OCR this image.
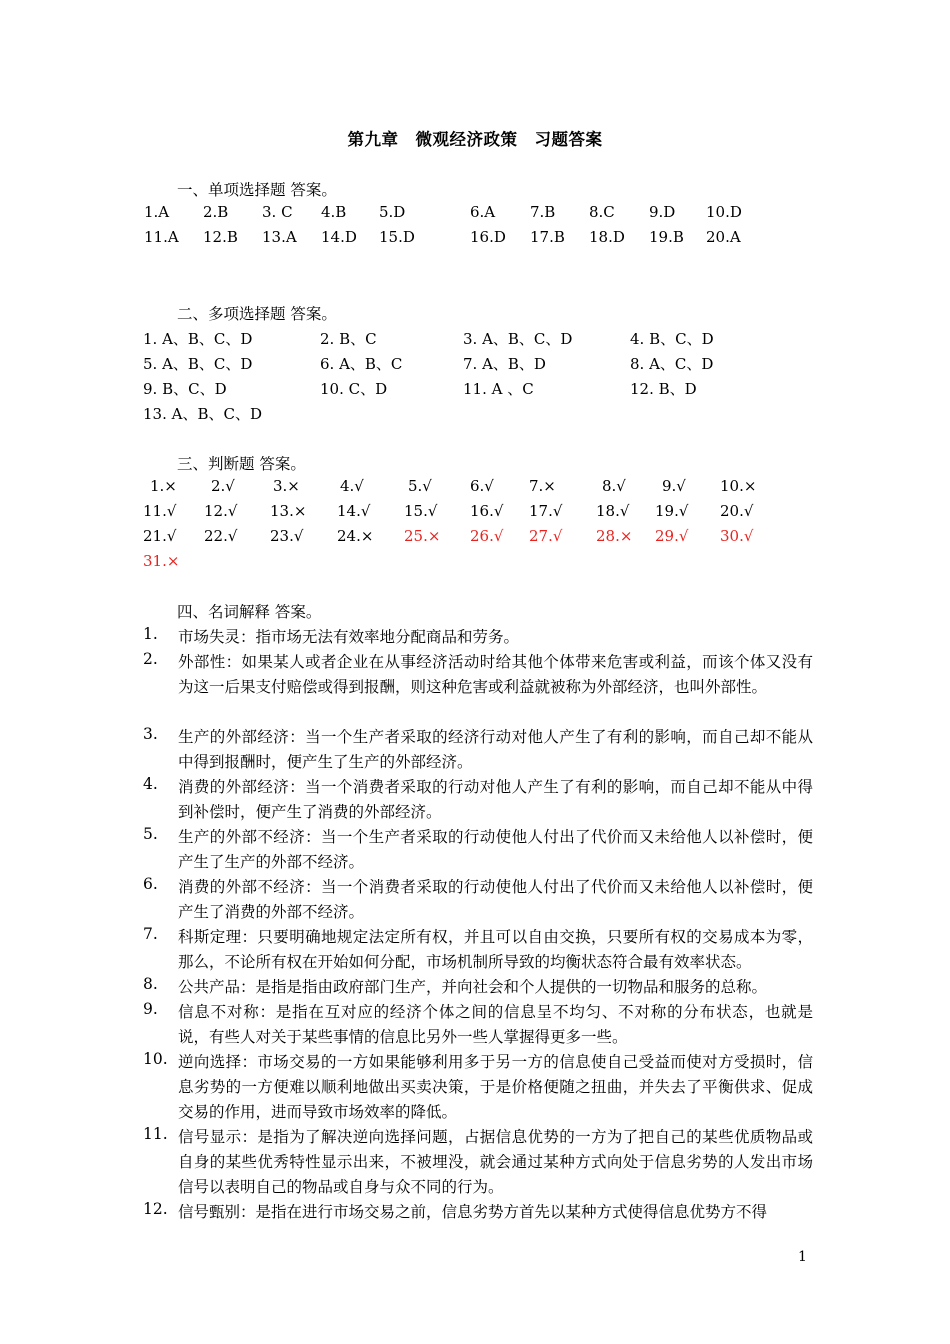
第九章　微观经济政策　习题答案
一、单项选择题 答案。
1.A 2.B 3. C 4.B 5.D	6.A 7.B 8.C 9.D 10.D
11.A 12.B 13.A 14.D 15.D	16.D 17.B 18.D 19.B 20.A
二、多项选择题 答案。
1. A、B、C、D	2. B、C	3. A、B、C、D	4. B、C、D
5. A、B、C、D	6. A、B、C	7. A、B、D	8. A、C、D
9. B、C、D	10. C、D	11. A 、C	12. B、D
13. A、B、C、D
三、判断题 答案。
1.× 2.√	3.×	4.√	5.√	6.√ 7.×	8.√ 9.√ 10.×
11.√ 12.√ 13.× 14.√ 15.√ 16.√ 17.√ 18.√ 19.√ 20.√
21.√ 22.√ 23.√ 24.× 25.× 26.√ 27.√ 28.× 29.√ 30.√
31.×
四、名词解释 答案。
1. 市场失灵：指市场无法有效率地分配商品和劳务。
2. 外部性：如果某人或者企业在从事经济活动时给其他个体带来危害或利益，而该个体又没有为这一后果支付赔偿或得到报酬，则这种危害或利益就被称为外部经济，也叫外部性。
3. 生产的外部经济：当一个生产者采取的经济行动对他人产生了有利的影响，而自己却不能从中得到报酬时，便产生了生产的外部经济。
4. 消费的外部经济：当一个消费者采取的行动对他人产生了有利的影响，而自己却不能从中得到补偿时，便产生了消费的外部经济。
5. 生产的外部不经济：当一个生产者采取的行动使他人付出了代价而又未给他人以补偿时，便产生了生产的外部不经济。
6. 消费的外部不经济：当一个消费者采取的行动使他人付出了代价而又未给他人以补偿时，便产生了消费的外部不经济。
7. 科斯定理：只要明确地规定法定所有权，并且可以自由交换，只要所有权的交易成本为零，那么，不论所有权在开始如何分配，市场机制所导致的均衡状态符合最有效率状态。
8. 公共产品：是指是指由政府部门生产，并向社会和个人提供的一切物品和服务的总称。
9. 信息不对称：是指在互对应的经济个体之间的信息呈不均匀、不对称的分布状态，也就是说，有些人对关于某些事情的信息比另外一些人掌握得更多一些。
10. 逆向选择：市场交易的一方如果能够利用多于另一方的信息使自己受益而使对方受损时，信息劣势的一方便难以顺利地做出买卖决策，于是价格便随之扭曲，并失去了平衡供求、促成交易的作用，进而导致市场效率的降低。
11. 信号显示：是指为了解决逆向选择问题，占据信息优势的一方为了把自己的某些优质物品或自身的某些优秀特性显示出来，不被埋没，就会通过某种方式向处于信息劣势的人发出市场信号以表明自己的物品或自身与众不同的行为。
12. 信号甄别：是指在进行市场交易之前，信息劣势方首先以某种方式使得信息优势方不得
1
